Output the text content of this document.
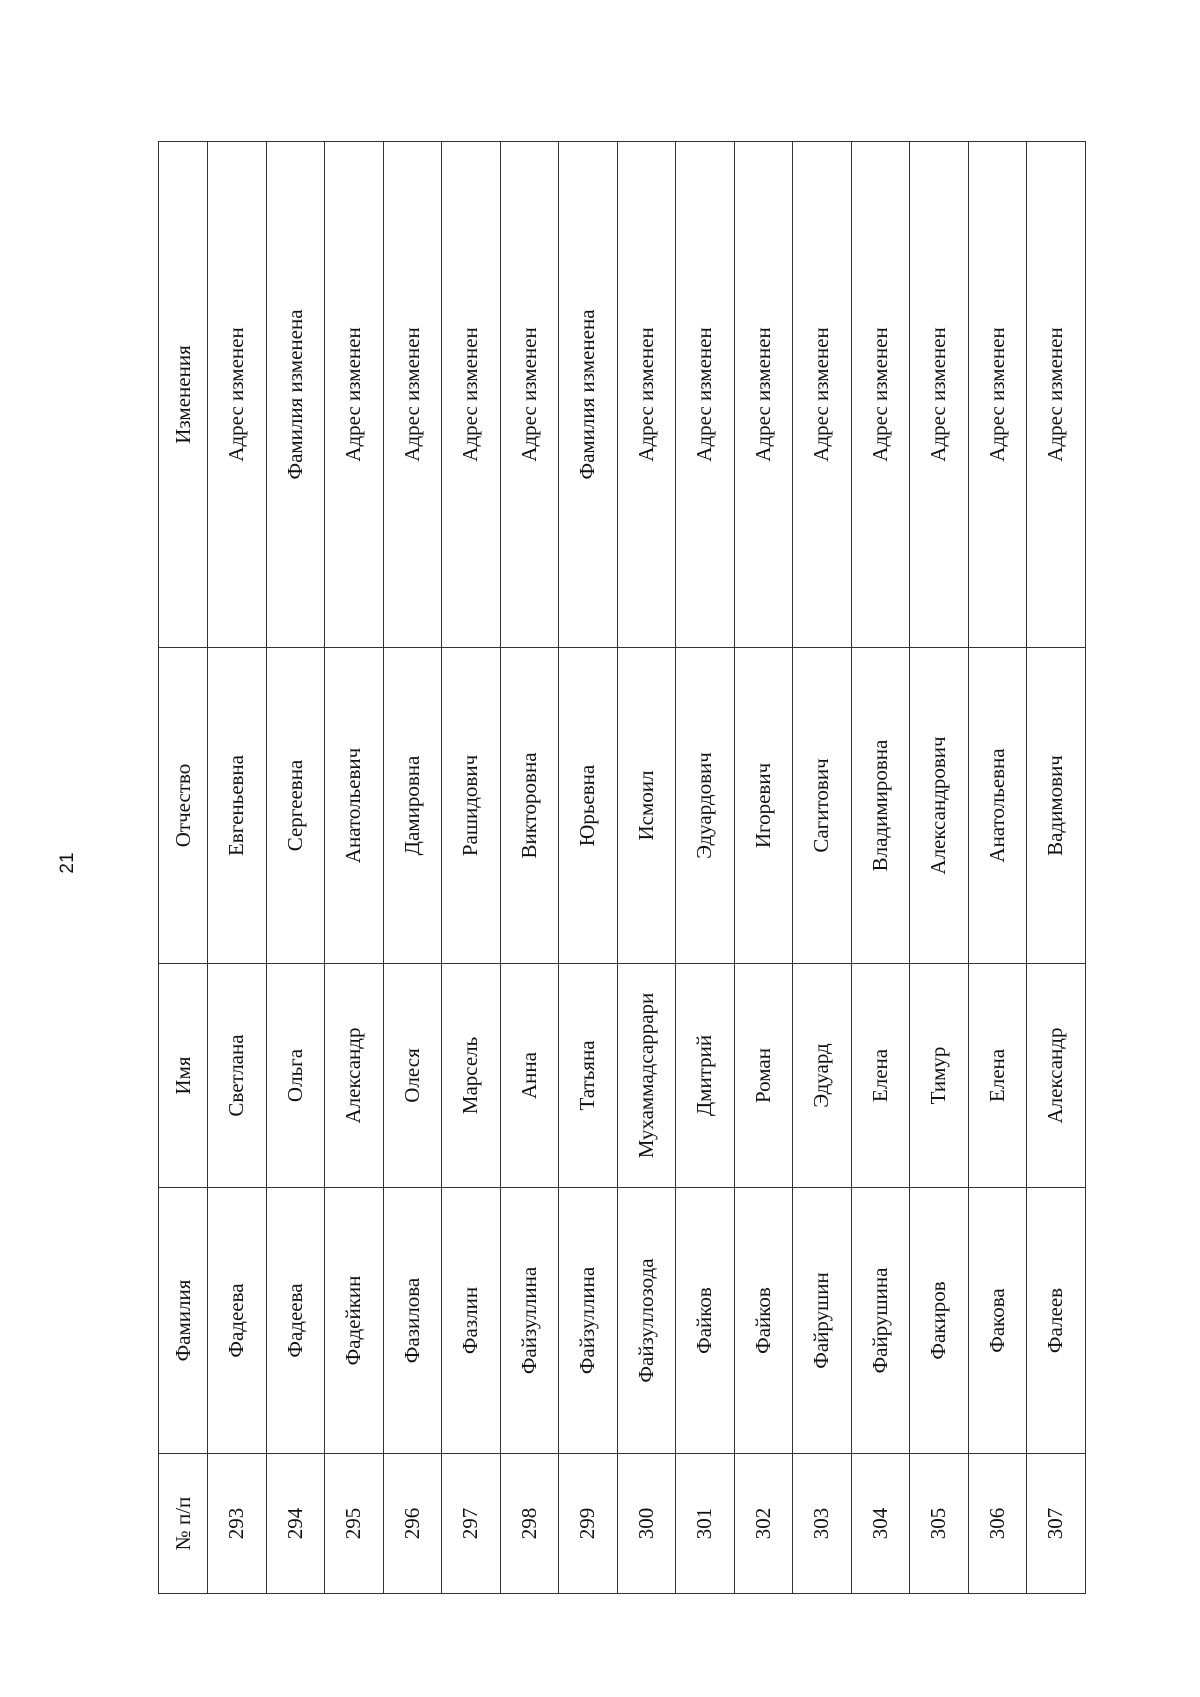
21
№ п/п	Фамилия	Имя	Отчество	Изменения
293	Фадеева	Светлана	Евгеньевна	Адрес изменен
294	Фадеева	Ольга	Сергеевна	Фамилия изменена
295	Фадейкин	Александр	Анатольевич	Адрес изменен
296	Фазилова	Олеся	Дамировна	Адрес изменен
297	Фазлин	Марсель	Рашидович	Адрес изменен
298	Файзуллина	Анна	Викторовна	Адрес изменен
299	Файзуллина	Татьяна	Юрьевна	Фамилия изменена
300	Файзуллозода	Мухаммадсаррари	Исмоил	Адрес изменен
301	Файков	Дмитрий	Эдуардович	Адрес изменен
302	Файков	Роман	Игоревич	Адрес изменен
303	Файрушин	Эдуард	Сагитович	Адрес изменен
304	Файрушина	Елена	Владимировна	Адрес изменен
305	Факиров	Тимур	Александрович	Адрес изменен
306	Факова	Елена	Анатольевна	Адрес изменен
307	Фалеев	Александр	Вадимович	Адрес изменен
